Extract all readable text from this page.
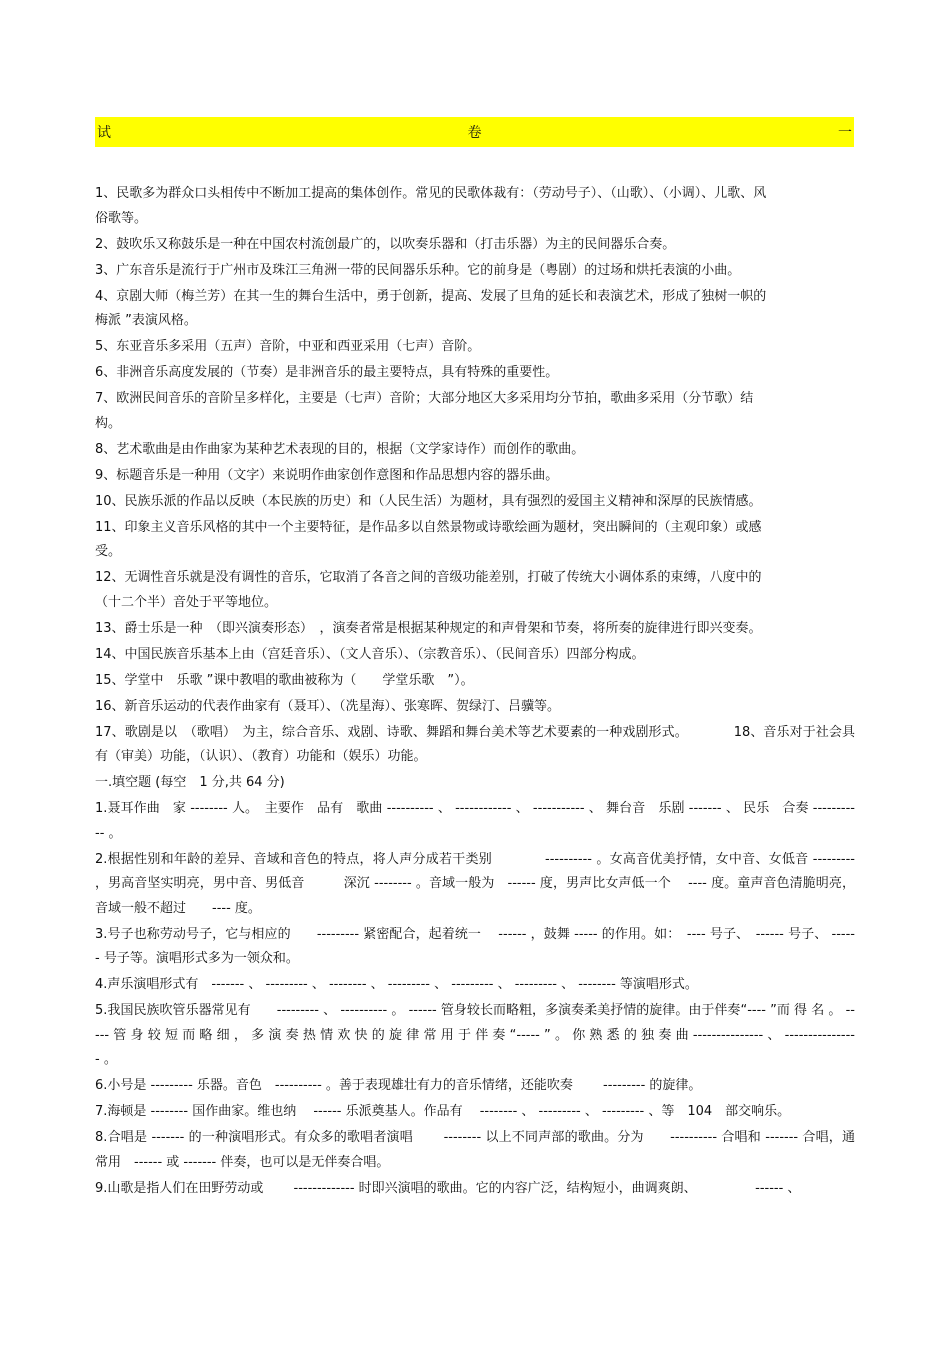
试	卷	一

1、民歌多为群众口头相传中不断加工提高的集体创作。常见的民歌体裁有：（劳动号子）、（山歌）、（小调）、儿歌、风俗歌等。

2、鼓吹乐又称鼓乐是一种在中国农村流创最广的，以吹奏乐器和（打击乐器）为主的民间器乐合奏。

3、广东音乐是流行于广州市及珠江三角洲一带的民间器乐乐种。它的前身是（粤剧）的过场和烘托表演的小曲。

4、京剧大师（梅兰芳）在其一生的舞台生活中，勇于创新，提高、发展了旦角的延长和表演艺术，形成了独树一帜的　梅派 ”表演风格。

5、东亚音乐多采用（五声）音阶，中亚和西亚采用（七声）音阶。

6、非洲音乐高度发展的（节奏）是非洲音乐的最主要特点，具有特殊的重要性。

7、欧洲民间音乐的音阶呈多样化，主要是（七声）音阶；大部分地区大多采用均分节拍，歌曲多采用（分节歌）结构。

8、艺术歌曲是由作曲家为某种艺术表现的目的，根据（文学家诗作）而创作的歌曲。

9、标题音乐是一种用（文字）来说明作曲家创作意图和作品思想内容的器乐曲。

10、民族乐派的作品以反映（本民族的历史）和（人民生活）为题材，具有强烈的爱国主义精神和深厚的民族情感。

11、印象主义音乐风格的其中一个主要特征，是作品多以自然景物或诗歌绘画为题材，突出瞬间的（主观印象）或感受。

12、无调性音乐就是没有调性的音乐，它取消了各音之间的音级功能差别，打破了传统大小调体系的束缚，八度中的（十二个半）音处于平等地位。

13、爵士乐是一种　（即兴演奏形态）　，演奏者常是根据某种规定的和声骨架和节奏，将所奏的旋律进行即兴变奏。

14、中国民族音乐基本上由（宫廷音乐）、（文人音乐）、（宗教音乐）、（民间音乐）四部分构成。

15、学堂中　乐歌 ”课中教唱的歌曲被称为（　　学堂乐歌　”）。

16、新音乐运动的代表作曲家有（聂耳）、（冼星海）、张寒晖、贺绿汀、吕骥等。

17、歌剧是以　（歌唱）　为主，综合音乐、戏剧、诗歌、舞蹈和舞台美术等艺术要素的一种戏剧形式。　　　　18、音乐对于社会具有（审美）功能，（认识）、（教育）功能和（娱乐）功能。

一.填空题 (每空　1 分,共 64 分)

1.聂耳作曲　家 -------- 人。　主要作　品有　歌曲 ---------- 、 ------------ 、 ----------- 、 舞台音　乐剧 ------- 、 民乐　合奏 ----------- 。

2.根据性别和年龄的差异、音域和音色的特点，将人声分成若干类别　　　　---------- 。女高音优美抒情，女中音、女低音 --------- ，男高音坚实明亮，男中音、男低音　　　深沉 -------- 。音域一般为　------ 度，男声比女声低一个　 ---- 度。童声音色清脆明亮，音域一般不超过　　---- 度。

3.号子也称劳动号子，它与相应的　　--------- 紧密配合，起着统一　 ------ ，鼓舞 ----- 的作用。如：　---- 号子、　------ 号子、 ------ 号子等。演唱形式多为一领众和。

4.声乐演唱形式有　------- 、 --------- 、 -------- 、 --------- 、 --------- 、 --------- 、 -------- 等演唱形式。

5.我国民族吹管乐器常见有　　--------- 、 ---------- 。 ------ 管身较长而略粗，多演奏柔美抒情的旋律。由于伴奏“---- ”而 得 名 。 ----- 管 身 较 短 而 略 细 ， 多 演 奏 热 情 欢 快 的 旋 律 常 用 于 伴 奏 “----- ” 。 你 熟 悉 的 独 奏 曲 --------------- 、 ---------------- 。

6.小号是 --------- 乐器。音色　---------- 。善于表现雄壮有力的音乐情绪，还能吹奏　　 --------- 的旋律。

7.海顿是 -------- 国作曲家。维也纳　 ------ 乐派奠基人。作品有　 -------- 、 --------- 、 --------- 、等　104　部交响乐。

8.合唱是 ------- 的一种演唱形式。有众多的歌唱者演唱　　 -------- 以上不同声部的歌曲。分为　　---------- 合唱和 ------- 合唱，通常用　------ 或 ------- 伴奏，也可以是无伴奏合唱。

9.山歌是指人们在田野劳动或　　 ------------- 时即兴演唱的歌曲。它的内容广泛，结构短小，曲调爽朗、　　　　　------ 、
